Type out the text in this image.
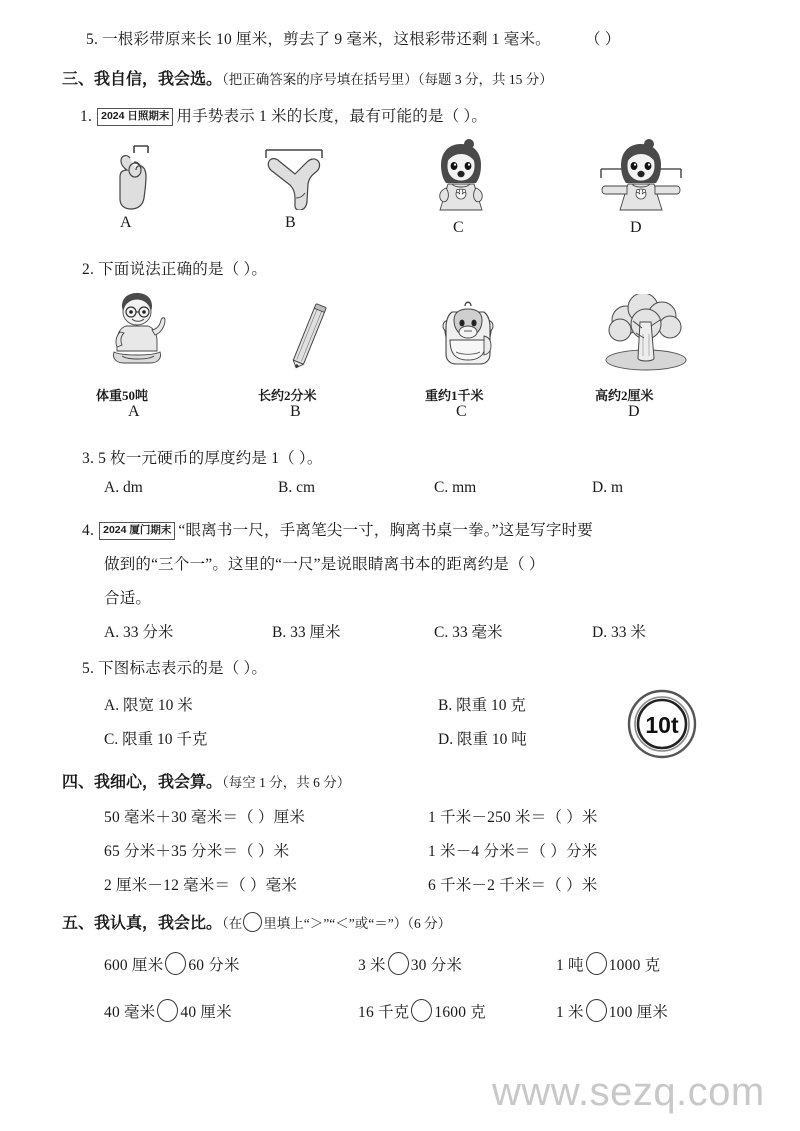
5. 一根彩带原来长 10 厘米，剪去了 9 毫米，这根彩带还剩 1 毫米。 （ ）
三、我自信，我会选。（把正确答案的序号填在括号里）（每题 3 分，共 15 分）
1. 2024 日照期末 用手势表示 1 米的长度，最有可能的是（ ）。
A	B	C	D
2. 下面说法正确的是（ ）。
体重50吨	长约2分米	重约1千米	高约2厘米
A	B	C	D
3. 5 枚一元硬币的厚度约是 1（ ）。
A. dm	B. cm	C. mm	D. m
4. 2024 厦门期末 “眼离书一尺，手离笔尖一寸，胸离书桌一拳。”这是写字时要
做到的“三个一”。这里的“一尺”是说眼睛离书本的距离约是（ ）
合适。
A. 33 分米	B. 33 厘米	C. 33 毫米	D. 33 米
5. 下图标志表示的是（ ）。
A. 限宽 10 米	B. 限重 10 克
C. 限重 10 千克	D. 限重 10 吨
10t
四、我细心，我会算。（每空 1 分，共 6 分）
50 毫米＋30 毫米＝（ ）厘米	1 千米－250 米＝（ ）米
65 分米＋35 分米＝（ ）米	1 米－4 分米＝（ ）分米
2 厘米－12 毫米＝（ ）毫米	6 千米－2 千米＝（ ）米
五、我认真，我会比。（在 里填上“＞”“＜”或“＝”）（6 分）
600 厘米 60 分米	3 米 30 分米	1 吨 1000 克
40 毫米 40 厘米	16 千克 1600 克	1 米 100 厘米
www.sezq.com
